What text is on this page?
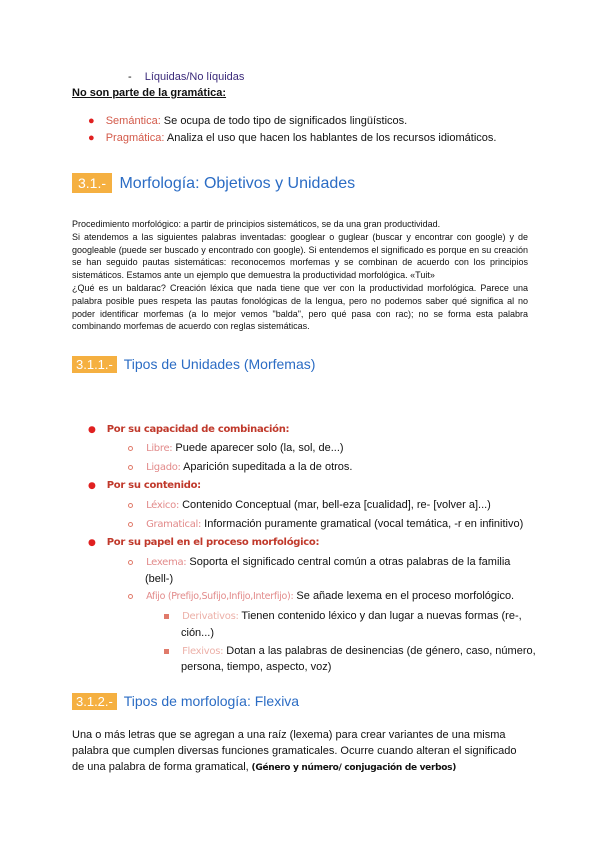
- Líquidas/No líquidas
No son parte de la gramática:
● Semántica: Se ocupa de todo tipo de significados lingüísticos.
● Pragmática: Analiza el uso que hacen los hablantes de los recursos idiomáticos.
3.1.- Morfología: Objetivos y Unidades
Procedimiento morfológico: a partir de principios sistemáticos, se da una gran productividad.
Si atendemos a las siguientes palabras inventadas: googlear o guglear (buscar y encontrar con google) y de googleable (puede ser buscado y encontrado con google). Si entendemos el significado es porque en su creación se han seguido pautas sistemáticas: reconocemos morfemas y se combinan de acuerdo con los principios sistemáticos. Estamos ante un ejemplo que demuestra la productividad morfológica. «Tuit»
¿Qué es un baldarac? Creación léxica que nada tiene que ver con la productividad morfológica. Parece una palabra posible pues respeta las pautas fonológicas de la lengua, pero no podemos saber qué significa al no poder identificar morfemas (a lo mejor vemos "balda", pero qué pasa con rac); no se forma esta palabra combinando morfemas de acuerdo con reglas sistemáticas.
3.1.1.- Tipos de Unidades (Morfemas)
● Por su capacidad de combinación:
Libre: Puede aparecer solo (la, sol, de...)
Ligado: Aparición supeditada a la de otros.
● Por su contenido:
Léxico: Contenido Conceptual (mar, bell-eza [cualidad], re- [volver a]...)
Gramatical: Información puramente gramatical (vocal temática, -r en infinitivo)
● Por su papel en el proceso morfológico:
Lexema: Soporta el significado central común a otras palabras de la familia
(bell-)
Afijo (Prefijo,Sufijo,Infijo,Interfijo): Se añade lexema en el proceso morfológico.
Derivativos: Tienen contenido léxico y dan lugar a nuevas formas (re-,
ción...)
Flexivos: Dotan a las palabras de desinencias (de género, caso, número,
persona, tiempo, aspecto, voz)
3.1.2.- Tipos de morfología: Flexiva
Una o más letras que se agregan a una raíz (lexema) para crear variantes de una misma
palabra que cumplen diversas funciones gramaticales. Ocurre cuando alteran el significado
de una palabra de forma gramatical, (Género y número/ conjugación de verbos)
